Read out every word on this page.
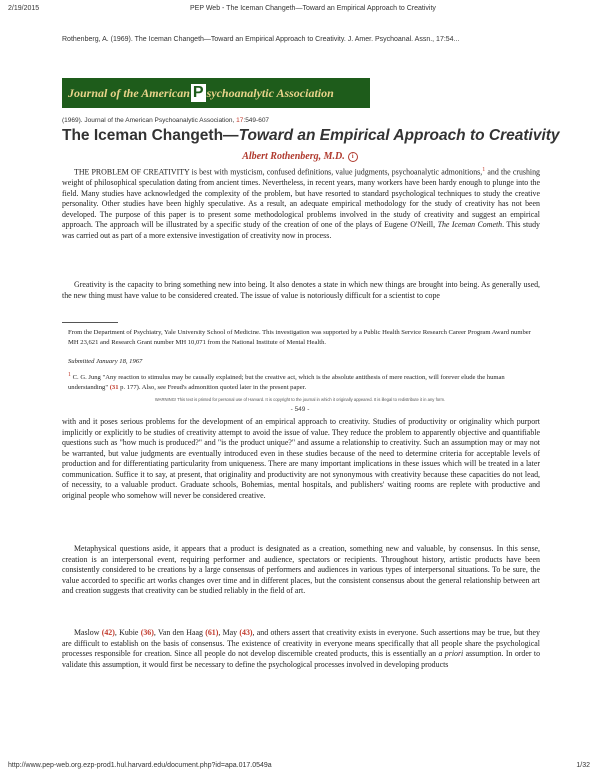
2/19/2015	PEP Web - The Iceman Changeth—Toward an Empirical Approach to Creativity
Rothenberg, A. (1969). The Iceman Changeth—Toward an Empirical Approach to Creativity. J. Amer. Psychoanal. Assn., 17:54...
Journal of the American P sychoanalytic Association
(1969). Journal of the American Psychoanalytic Association, 17:549-607
The Iceman Changeth—Toward an Empirical Approach to Creativity
Albert Rothenberg, M.D. i

THE PROBLEM OF CREATIVITY is best with mysticism, confused definitions, value judgments, psychoanalytic admonitions,$^1$ and the crushing weight of philosophical speculation dating from ancient times. Nevertheless, in recent years, many workers have been hardy enough to plunge into the field. Many studies have acknowledged the complexity of the problem, but have resorted to standard psychological techniques to study the creative personality. Other studies have been highly speculative. As a result, an adequate empirical methodology for the study of creativity has not been developed. The purpose of this paper is to present some methodological problems involved in the study of creativity and suggest an empirical approach. The approach will be illustrated by a specific study of the creation of one of the plays of Eugene O'Neill, The Iceman Cometh. This study was carried out as part of a more extensive investigation of creativity now in process.

Greativity is the capacity to bring something new into being. It also denotes a state in which new things are brought into being. As generally used, the new thing must have value to be considered created. The issue of value is notoriously difficult for a scientist to cope

From the Department of Psychiatry, Yale University School of Medicine. This investigation was supported by a Public Health Service Research Career Program Award number MH 23,621 and Research Grant number MH 10,071 from the National Institute of Mental Health.

Submitted January 18, 1967

1 C. G. Jung "Any reaction to stimulus may be causally explained; but the creative act, which is the absolute antithesis of mere reaction, will forever elude the human understanding" (31 p. 177). Also, see Freud's admonition quoted later in the present paper.

WARNING! This text is printed for personal use of Harvard. It is copyright to the journal in which it originally appeared. It is illegal to redistribute it in any form.
- 549 -

with and it poses serious problems for the development of an empirical approach to creativity. Studies of productivity or originality which purport implicitly or explicitly to be studies of creativity attempt to avoid the issue of value. They reduce the problem to apparently objective and quantifiable questions such as "how much is produced?" and "is the product unique?" and assume a relationship to creativity. Such an assumption may or may not be warranted, but value judgments are eventually introduced even in these studies because of the need to determine criteria for acceptable levels of production and for differentiating particularity from uniqueness. There are many important implications in these issues which will be treated in a later communication. Suffice it to say, at present, that originality and productivity are not synonymous with creativity because these capacities do not lead, of necessity, to a valuable product. Graduate schools, Bohemias, mental hospitals, and publishers' waiting rooms are replete with productive and original people who somehow will never be considered creative.

Metaphysical questions aside, it appears that a product is designated as a creation, something new and valuable, by consensus. In this sense, creation is an interpersonal event, requiring performer and audience, spectators or recipients. Throughout history, artistic products have been consistently considered to be creations by a large consensus of performers and audiences in various types of interpersonal situations. To be sure, the value accorded to specific art works changes over time and in different places, but the consistent consensus about the general relationship between art and creation suggests that creativity can be studied reliably in the field of art.

Maslow (42), Kubie (36), Van den Haag (61), May (43), and others assert that creativity exists in everyone. Such assertions may be true, but they are difficult to establish on the basis of consensus. The existence of creativity in everyone means specifically that all people share the psychological processes responsible for creation. Since all people do not develop discernible created products, this is essentially an a priori assumption. In order to validate this assumption, it would first be necessary to define the psychological processes involved in developing products

http://www.pep-web.org.ezp-prod1.hul.harvard.edu/document.php?id=apa.017.0549a	1/32
